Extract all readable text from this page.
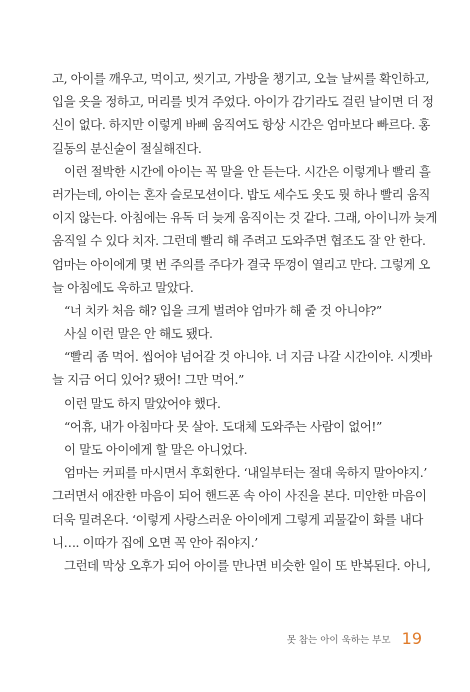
고, 아이를 깨우고, 먹이고, 씻기고, 가방을 챙기고, 오늘 날씨를 확인하고,
입을 옷을 정하고, 머리를 빗겨 주었다. 아이가 감기라도 걸린 날이면 더 정
신이 없다. 하지만 이렇게 바삐 움직여도 항상 시간은 엄마보다 빠르다. 홍
길동의 분신술이 절실해진다.
이런 절박한 시간에 아이는 꼭 말을 안 듣는다. 시간은 이렇게나 빨리 흘
러가는데, 아이는 혼자 슬로모션이다. 밥도 세수도 옷도 뭣 하나 빨리 움직
이지 않는다. 아침에는 유독 더 늦게 움직이는 것 같다. 그래, 아이니까 늦게
움직일 수 있다 치자. 그런데 빨리 해 주려고 도와주면 협조도 잘 안 한다.
엄마는 아이에게 몇 번 주의를 주다가 결국 뚜껑이 열리고 만다. 그렇게 오
늘 아침에도 욱하고 말았다.
“너 치카 처음 해? 입을 크게 벌려야 엄마가 해 줄 것 아니야?”
사실 이런 말은 안 해도 됐다.
“빨리 좀 먹어. 씹어야 넘어갈 것 아니야. 너 지금 나갈 시간이야. 시곗바
늘 지금 어디 있어? 됐어! 그만 먹어.”
이런 말도 하지 말았어야 했다.
“어휴, 내가 아침마다 못 살아. 도대체 도와주는 사람이 없어!”
이 말도 아이에게 할 말은 아니었다.
엄마는 커피를 마시면서 후회한다. ‘내일부터는 절대 욱하지 말아야지.’
그러면서 애잔한 마음이 되어 핸드폰 속 아이 사진을 본다. 미안한 마음이
더욱 밀려온다. ‘이렇게 사랑스러운 아이에게 그렇게 괴물같이 화를 내다
니…. 이따가 집에 오면 꼭 안아 줘야지.’
그런데 막상 오후가 되어 아이를 만나면 비슷한 일이 또 반복된다. 아니,
못 참는 아이 욱하는 부모 19
